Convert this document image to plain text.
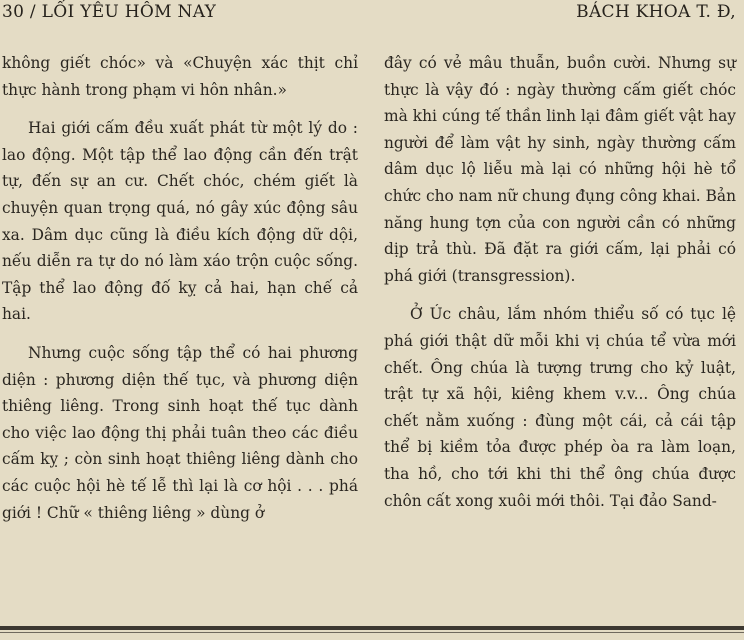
30 / LỐI YÊU HÔM NAY	BÁCH KHOA T. Đ,

không giết chóc» và «Chuyện xác thịt chỉ thực hành trong phạm vi hôn nhân.»

Hai giới cấm đều xuất phát từ một lý do : lao động. Một tập thể lao động cần đến trật tự, đến sự an cư. Chết chóc, chém giết là chuyện quan trọng quá, nó gây xúc động sâu xa. Dâm dục cũng là điều kích động dữ dội, nếu diễn ra tự do nó làm xáo trộn cuộc sống. Tập thể lao động đố kỵ cả hai, hạn chế cả hai.

Nhưng cuộc sống tập thể có hai phương diện : phương diện thế tục, và phương diện thiêng liêng. Trong sinh hoạt thế tục dành cho việc lao động thị phải tuân theo các điều cấm kỵ ; còn sinh hoạt thiêng liêng dành cho các cuộc hội hè tế lễ thì lại là cơ hội . . . phá giới ! Chữ « thiêng liêng » dùng ở

đây có vẻ mâu thuẫn, buồn cười. Nhưng sự thực là vậy đó : ngày thường cấm giết chóc mà khi cúng tế thần linh lại đâm giết vật hay người để làm vật hy sinh, ngày thường cấm dâm dục lộ liễu mà lại có những hội hè tổ chức cho nam nữ chung đụng công khai. Bản năng hung tợn của con người cần có những dịp trả thù. Đã đặt ra giới cấm, lại phải có phá giới (transgression).

Ở Úc châu, lắm nhóm thiểu số có tục lệ phá giới thật dữ mỗi khi vị chúa tể vừa mới chết. Ông chúa là tượng trưng cho kỷ luật, trật tự xã hội, kiêng khem v.v... Ông chúa chết nằm xuống : đùng một cái, cả cái tập thể bị kiềm tỏa được phép òa ra làm loạn, tha hồ, cho tới khi thi thể ông chúa được chôn cất xong xuôi mới thôi. Tại đảo Sand-
